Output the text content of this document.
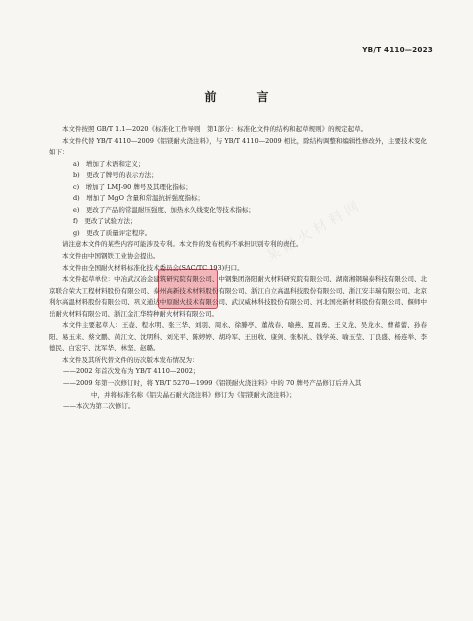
YB/T 4110—2023
前　言
某耐火材料网

本文件按照 GB/T 1.1—2020《标准化工作导则　第1部分：标准化文件的结构和起草规则》的规定起草。

本文件代替 YB/T 4110—2009《铝镁耐火浇注料》，与 YB/T 4110—2009 相比，除结构调整和编辑性修改外，主要技术变化如下：

a)　增加了术语和定义；
b)　更改了牌号的表示方法；
c)　增加了 LMJ-90 牌号及其理化指标；
d)　增加了 MgO 含量和常温抗折强度指标；
e)　更改了产品的常温耐压强度、加热永久线变化等技术指标；
f)　更改了试验方法；
g)　更改了质量评定程序。

请注意本文件的某些内容可能涉及专利。本文件的发布机构不承担识别专利的责任。

本文件由中国钢铁工业协会提出。

本文件由全国耐火材料标准化技术委员会(SAC/TC 193)归口。

本文件起草单位：中冶武汉冶金建筑研究院有限公司、中钢集团洛阳耐火材料研究院有限公司、湖南湘钢瑞泰科技有限公司、北京联合荣大工程材料股份有限公司、泰州高新技术材料股份有限公司、浙江自立高温科技股份有限公司、浙江安丰瑞有限公司、北京利尔高温材料股份有限公司、巩义通达中原耐火技术有限公司、武汉威林科技股份有限公司、河北国亮新材料股份有限公司、偃师中岳耐火材料有限公司、浙江金汇华特种耐火材料有限公司。

本文件主要起草人：王壶、程水明、张三华、刘羽、周永、徐滕亭、董战春、喻燕、夏昌勇、王义龙、吴龙水、曹蓄蕾、孙春阳、易玉来、蔡文鹏、黄江文、沈明科、刘光平、陈婷婷、胡玲军、王田收、康剑、张积礼、钱学英、喻玉莹、丁良盛、杨连举、李德民、白宏宇、沈军华、林坚、赵璐。

本文件及其所代替文件的历次版本发布情况为：

——2002 年首次发布为 YB/T 4110—2002；
——2009 年第一次修订时，将 YB/T 5270—1999《铝镁耐火浇注料》中的 70 牌号产品修订后并入其
中，并将标准名称《铝尖晶石耐火浇注料》修订为《铝镁耐火浇注料》；
——本次为第二次修订。
